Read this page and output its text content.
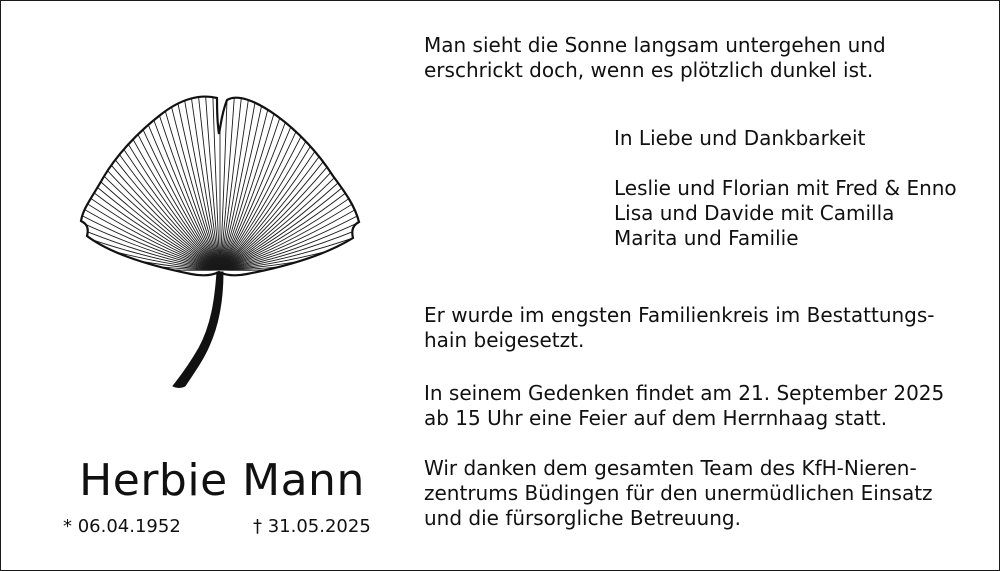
Herbie Mann
* 06.04.1952	† 31.05.2025
Man sieht die Sonne langsam untergehen und
erschrickt doch, wenn es plötzlich dunkel ist.
In Liebe und Dankbarkeit
Leslie und Florian mit Fred & Enno
Lisa und Davide mit Camilla
Marita und Familie
Er wurde im engsten Familienkreis im Bestattungs-
hain beigesetzt.
In seinem Gedenken findet am 21. September 2025
ab 15 Uhr eine Feier auf dem Herrnhaag statt.
Wir danken dem gesamten Team des KfH-Nieren-
zentrums Büdingen für den unermüdlichen Einsatz
und die fürsorgliche Betreuung.
